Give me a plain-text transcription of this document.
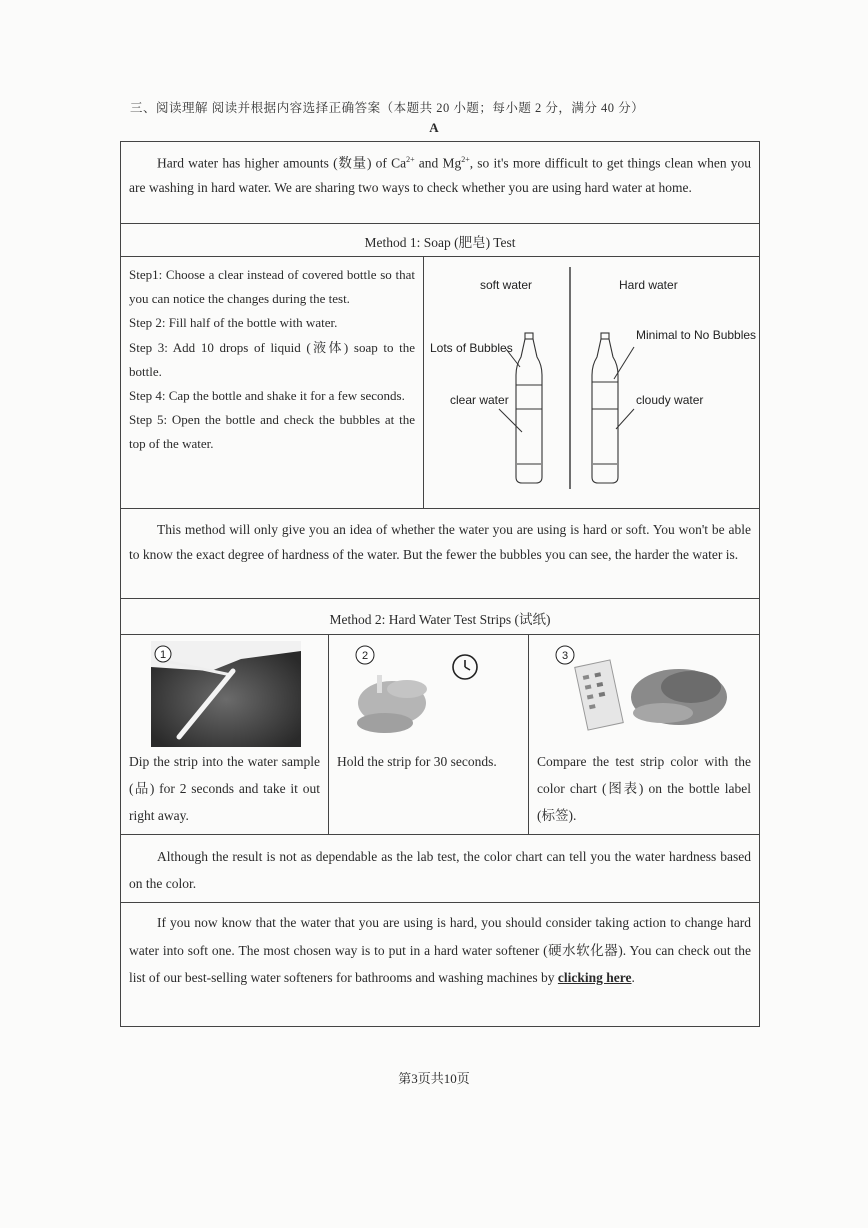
三、阅读理解 阅读并根据内容选择正确答案（本题共 20 小题；每小题 2 分，满分 40 分）
A

Hard water has higher amounts (数量) of $Ca^{2+}$ and $Mg^{2+}$, so it's more difficult to get things clean when you are washing in hard water. We are sharing two ways to check whether you are using hard water at home.

Method 1: Soap (肥皂) Test

Step1: Choose a clear instead of covered bottle so that you can notice the changes during the test.

Step 2: Fill half of the bottle with water.

Step 3: Add 10 drops of liquid (液体) soap to the bottle.

Step 4: Cap the bottle and shake it for a few seconds.

Step 5: Open the bottle and check the bubbles at the top of the water.

soft water	Hard water
Lots of Bubbles
Minimal to No Bubbles
clear water	cloudy water

This method will only give you an idea of whether the water you are using is hard or soft. You won't be able to know the exact degree of hardness of the water. But the fewer the bubbles you can see, the harder the water is.

Method 2: Hard Water Test Strips (试纸)
1
Dip the strip into the water sample (品) for 2 seconds and take it out right away.
2
Hold the strip for 30 seconds.
3
Compare the test strip color with the color chart (图表) on the bottle label (标签).

Although the result is not as dependable as the lab test, the color chart can tell you the water hardness based on the color.

If you now know that the water that you are using is hard, you should consider taking action to change hard water into soft one. The most chosen way is to put in a hard water softener (硬水软化器). You can check out the list of our best-selling water softeners for bathrooms and washing machines by clicking here.

第3页共10页
